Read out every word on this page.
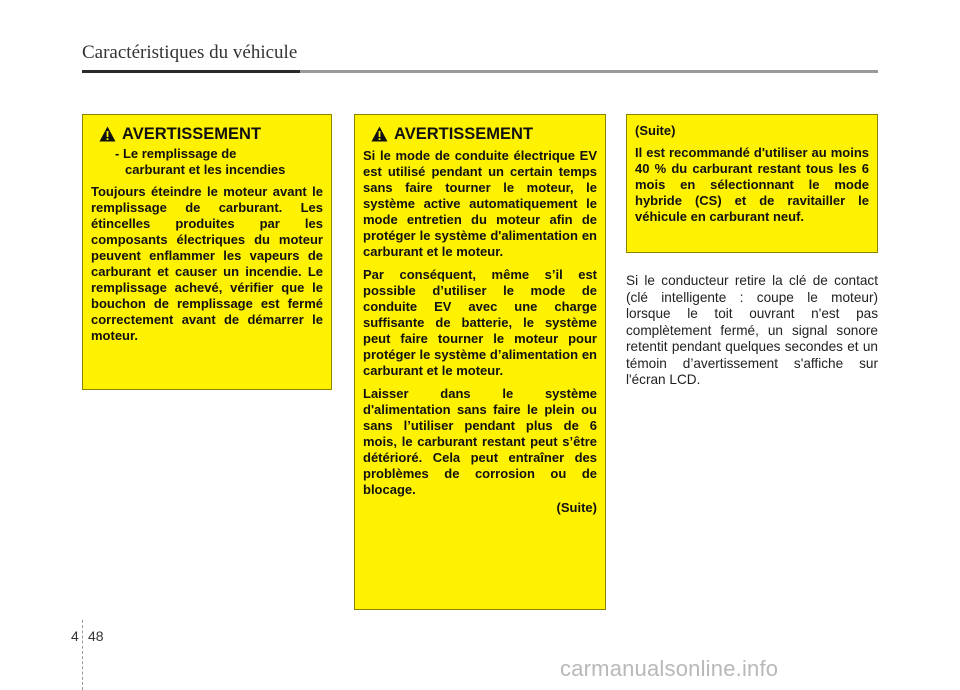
Caractéristiques du véhicule
AVERTISSEMENT
- Le remplissage de
carburant et les incendies

Toujours éteindre le moteur avant le remplissage de carburant. Les étincelles produites par les composants électriques du moteur peuvent enflammer les vapeurs de carburant et causer un incendie. Le remplissage achevé, vérifier que le bouchon de remplissage est fermé correctement avant de démarrer le moteur.

AVERTISSEMENT

Si le mode de conduite électrique EV est utilisé pendant un certain temps sans faire tourner le moteur, le système active automatiquement le mode entretien du moteur afin de protéger le système d'alimentation en carburant et le moteur.

Par conséquent, même s’il est possible d’utiliser le mode de conduite EV avec une charge suffisante de batterie, le système peut faire tourner le moteur pour protéger le système d’alimentation en carburant et le moteur.

Laisser dans le système d'alimentation sans faire le plein ou sans l’utiliser pendant plus de 6 mois, le carburant restant peut s’être détérioré. Cela peut entraîner des problèmes de corrosion ou de blocage.

(Suite)

(Suite)

Il est recommandé d'utiliser au moins 40 % du carburant restant tous les 6 mois en sélectionnant le mode hybride (CS) et de ravitailler le véhicule en carburant neuf.

Si le conducteur retire la clé de contact (clé intelligente : coupe le moteur) lorsque le toit ouvrant n'est pas complètement fermé, un signal sonore retentit pendant quelques secondes et un témoin d’avertissement s'affiche sur l'écran LCD.
4 48
carmanualsonline.info
